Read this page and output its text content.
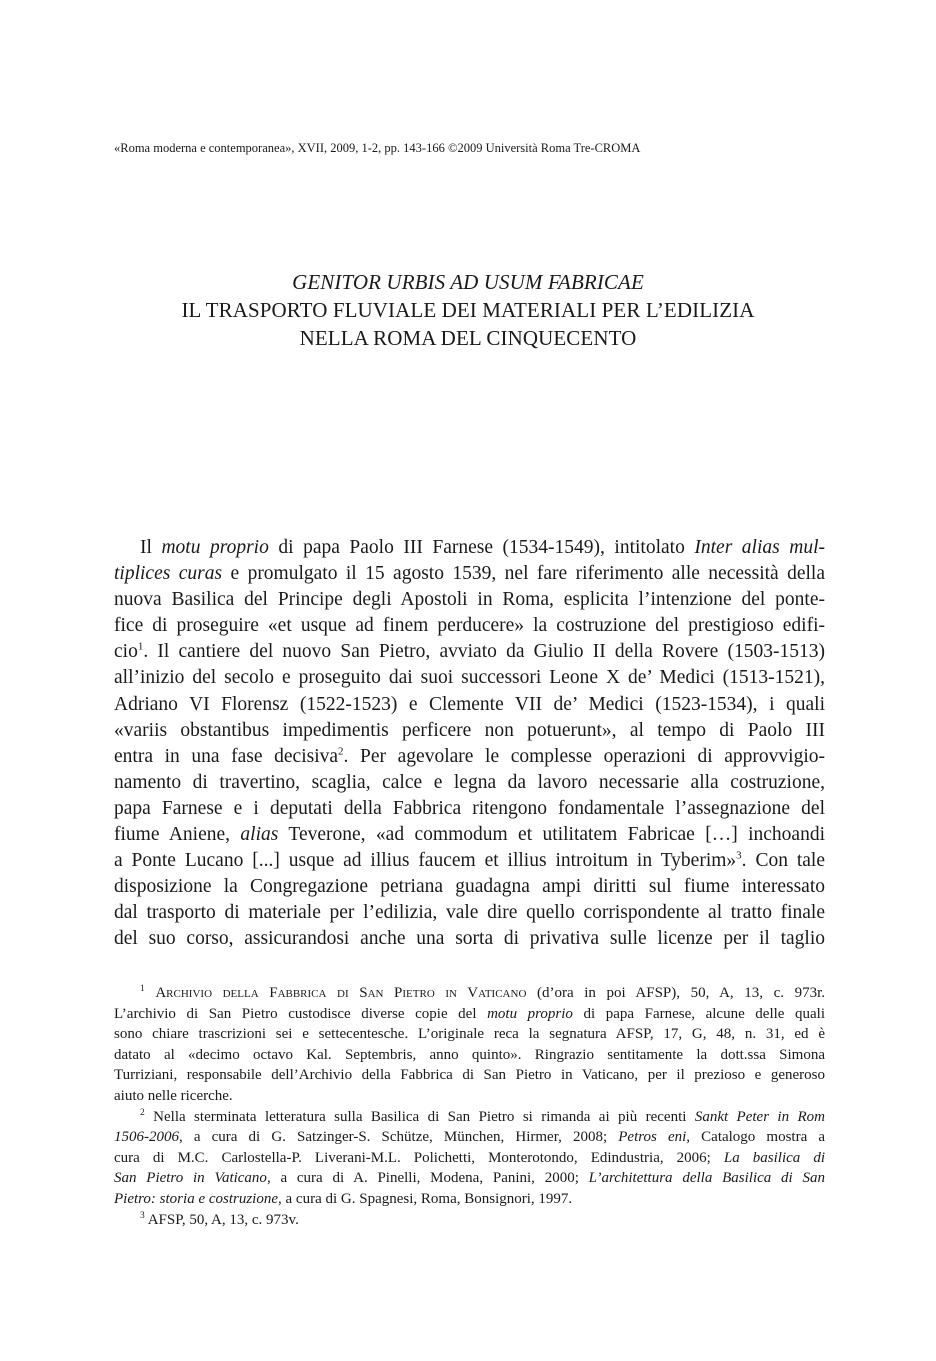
«Roma moderna e contemporanea», XVII, 2009, 1-2, pp. 143-166 ©2009 Università Roma Tre-CROMA
GENITOR URBIS AD USUM FABRICAE
IL TRASPORTO FLUVIALE DEI MATERIALI PER L’EDILIZIA
NELLA ROMA DEL CINQUECENTO
Il motu proprio di papa Paolo III Farnese (1534-1549), intitolato Inter alias mul-
tiplices curas e promulgato il 15 agosto 1539, nel fare riferimento alle necessità della
nuova Basilica del Principe degli Apostoli in Roma, esplicita l’intenzione del ponte-
fice di proseguire «et usque ad finem perducere» la costruzione del prestigioso edifi-
cio$^1$. Il cantiere del nuovo San Pietro, avviato da Giulio II della Rovere (1503-1513)
all’inizio del secolo e proseguito dai suoi successori Leone X de’ Medici (1513-1521),
Adriano VI Florensz (1522-1523) e Clemente VII de’ Medici (1523-1534), i quali
«variis obstantibus impedimentis perficere non potuerunt», al tempo di Paolo III
entra in una fase decisiva$^2$. Per agevolare le complesse operazioni di approvvigio-
namento di travertino, scaglia, calce e legna da lavoro necessarie alla costruzione,
papa Farnese e i deputati della Fabbrica ritengono fondamentale l’assegnazione del
fiume Aniene, alias Teverone, «ad commodum et utilitatem Fabricae […] inchoandi
a Ponte Lucano [...] usque ad illius faucem et illius introitum in Tyberim»$^3$. Con tale
disposizione la Congregazione petriana guadagna ampi diritti sul fiume interessato
dal trasporto di materiale per l’edilizia, vale dire quello corrispondente al tratto finale
del suo corso, assicurandosi anche una sorta di privativa sulle licenze per il taglio
$^1$ Archivio della Fabbrica di San Pietro in Vaticano (d’ora in poi AFSP), 50, A, 13, c. 973r.
L’archivio di San Pietro custodisce diverse copie del motu proprio di papa Farnese, alcune delle quali
sono chiare trascrizioni sei e settecentesche. L’originale reca la segnatura AFSP, 17, G, 48, n. 31, ed è
datato al «decimo octavo Kal. Septembris, anno quinto». Ringrazio sentitamente la dott.ssa Simona
Turriziani, responsabile dell’Archivio della Fabbrica di San Pietro in Vaticano, per il prezioso e generoso
aiuto nelle ricerche.
$^2$ Nella sterminata letteratura sulla Basilica di San Pietro si rimanda ai più recenti Sankt Peter in Rom
1506-2006, a cura di G. Satzinger-S. Schütze, München, Hirmer, 2008; Petros eni, Catalogo mostra a
cura di M.C. Carlostella-P. Liverani-M.L. Polichetti, Monterotondo, Edindustria, 2006; La basilica di
San Pietro in Vaticano, a cura di A. Pinelli, Modena, Panini, 2000; L’architettura della Basilica di San
Pietro: storia e costruzione, a cura di G. Spagnesi, Roma, Bonsignori, 1997.
$^3$ AFSP, 50, A, 13, c. 973v.
